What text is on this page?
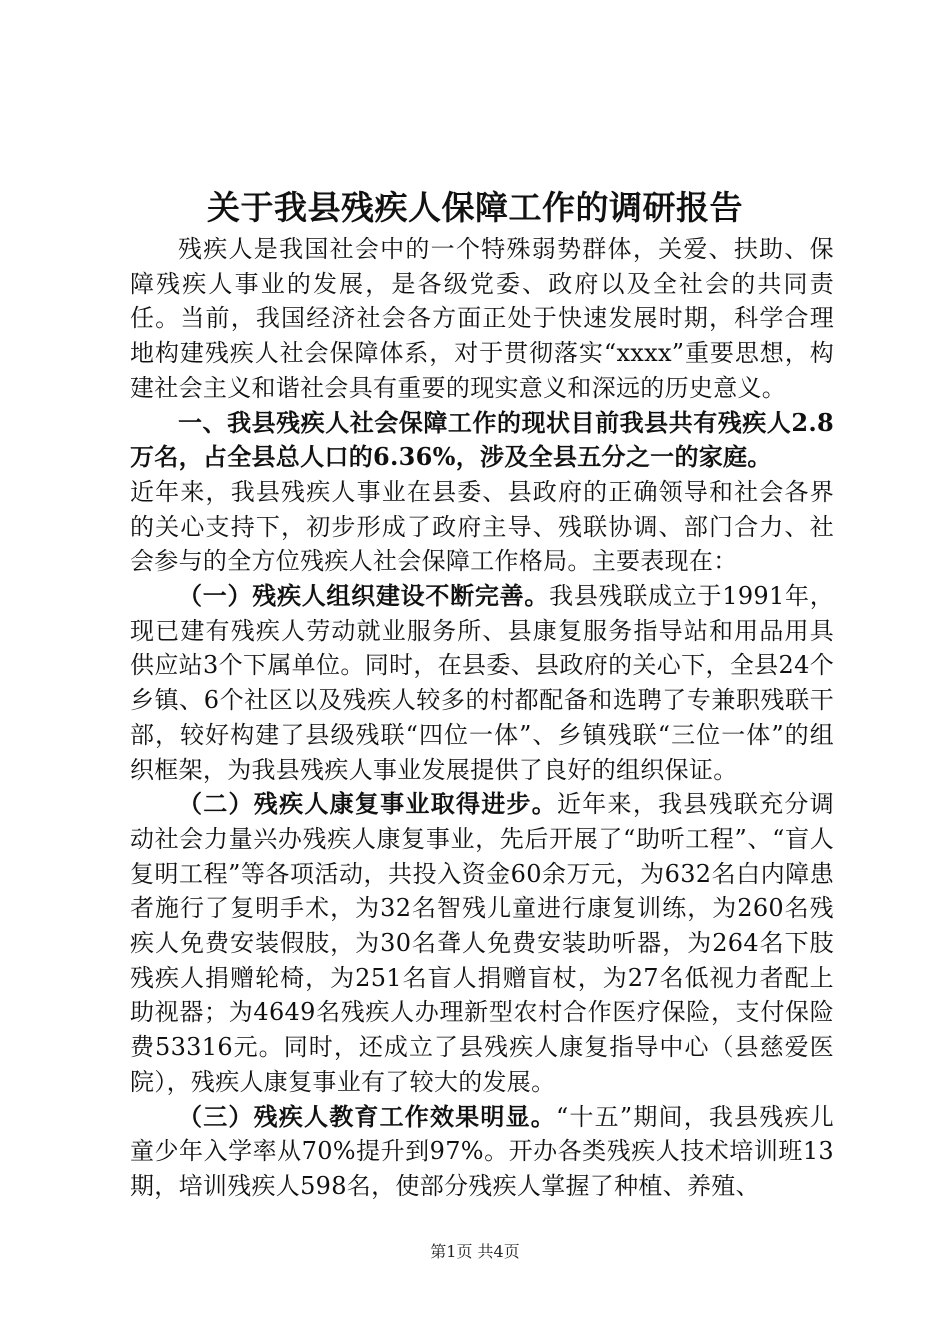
关于我县残疾人保障工作的调研报告

残疾人是我国社会中的一个特殊弱势群体，关爱、扶助、保障残疾人事业的发展，是各级党委、政府以及全社会的共同责任。当前，我国经济社会各方面正处于快速发展时期，科学合理地构建残疾人社会保障体系，对于贯彻落实“xxxx”重要思想，构建社会主义和谐社会具有重要的现实意义和深远的历史意义。

一、我县残疾人社会保障工作的现状目前我县共有残疾人2.8万名，占全县总人口的6.36%，涉及全县五分之一的家庭。

近年来，我县残疾人事业在县委、县政府的正确领导和社会各界的关心支持下，初步形成了政府主导、残联协调、部门合力、社会参与的全方位残疾人社会保障工作格局。主要表现在：

（一）残疾人组织建设不断完善。我县残联成立于1991年，现已建有残疾人劳动就业服务所、县康复服务指导站和用品用具供应站3个下属单位。同时，在县委、县政府的关心下，全县24个乡镇、6个社区以及残疾人较多的村都配备和选聘了专兼职残联干部，较好构建了县级残联“四位一体”、乡镇残联“三位一体”的组织框架，为我县残疾人事业发展提供了良好的组织保证。

（二）残疾人康复事业取得进步。近年来，我县残联充分调动社会力量兴办残疾人康复事业，先后开展了“助听工程”、“盲人复明工程”等各项活动，共投入资金60余万元，为632名白内障患者施行了复明手术，为32名智残儿童进行康复训练，为260名残疾人免费安装假肢，为30名聋人免费安装助听器，为264名下肢残疾人捐赠轮椅，为251名盲人捐赠盲杖，为27名低视力者配上助视器；为4649名残疾人办理新型农村合作医疗保险，支付保险费53316元。同时，还成立了县残疾人康复指导中心（县慈爱医院），残疾人康复事业有了较大的发展。

（三）残疾人教育工作效果明显。“十五”期间，我县残疾儿童少年入学率从70%提升到97%。开办各类残疾人技术培训班13期，培训残疾人598名，使部分残疾人掌握了种植、养殖、

第1页 共4页
